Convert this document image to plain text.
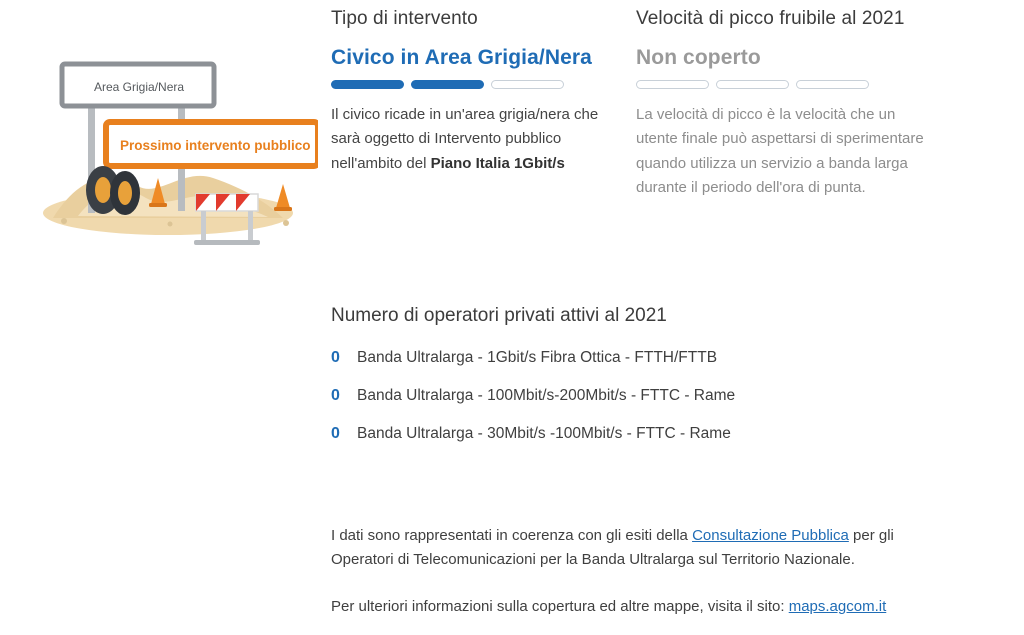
Area Grigia/Nera
Prossimo intervento pubblico
Tipo di intervento
Civico in Area Grigia/Nera

Il civico ricade in un'area grigia/nera che sarà oggetto di Intervento pubblico nell'ambito del Piano Italia 1Gbit/s

Velocità di picco fruibile al 2021
Non coperto

La velocità di picco è la velocità che un utente finale può aspettarsi di sperimentare quando utilizza un servizio a banda larga durante il periodo dell'ora di punta.

Numero di operatori privati attivi al 2021
0	Banda Ultralarga - 1Gbit/s Fibra Ottica - FTTH/FTTB
0	Banda Ultralarga - 100Mbit/s-200Mbit/s - FTTC - Rame
0	Banda Ultralarga - 30Mbit/s -100Mbit/s - FTTC - Rame

I dati sono rappresentati in coerenza con gli esiti della Consultazione Pubblica per gli Operatori di Telecomunicazioni per la Banda Ultralarga sul Territorio Nazionale.

Per ulteriori informazioni sulla copertura ed altre mappe, visita il sito: maps.agcom.it
